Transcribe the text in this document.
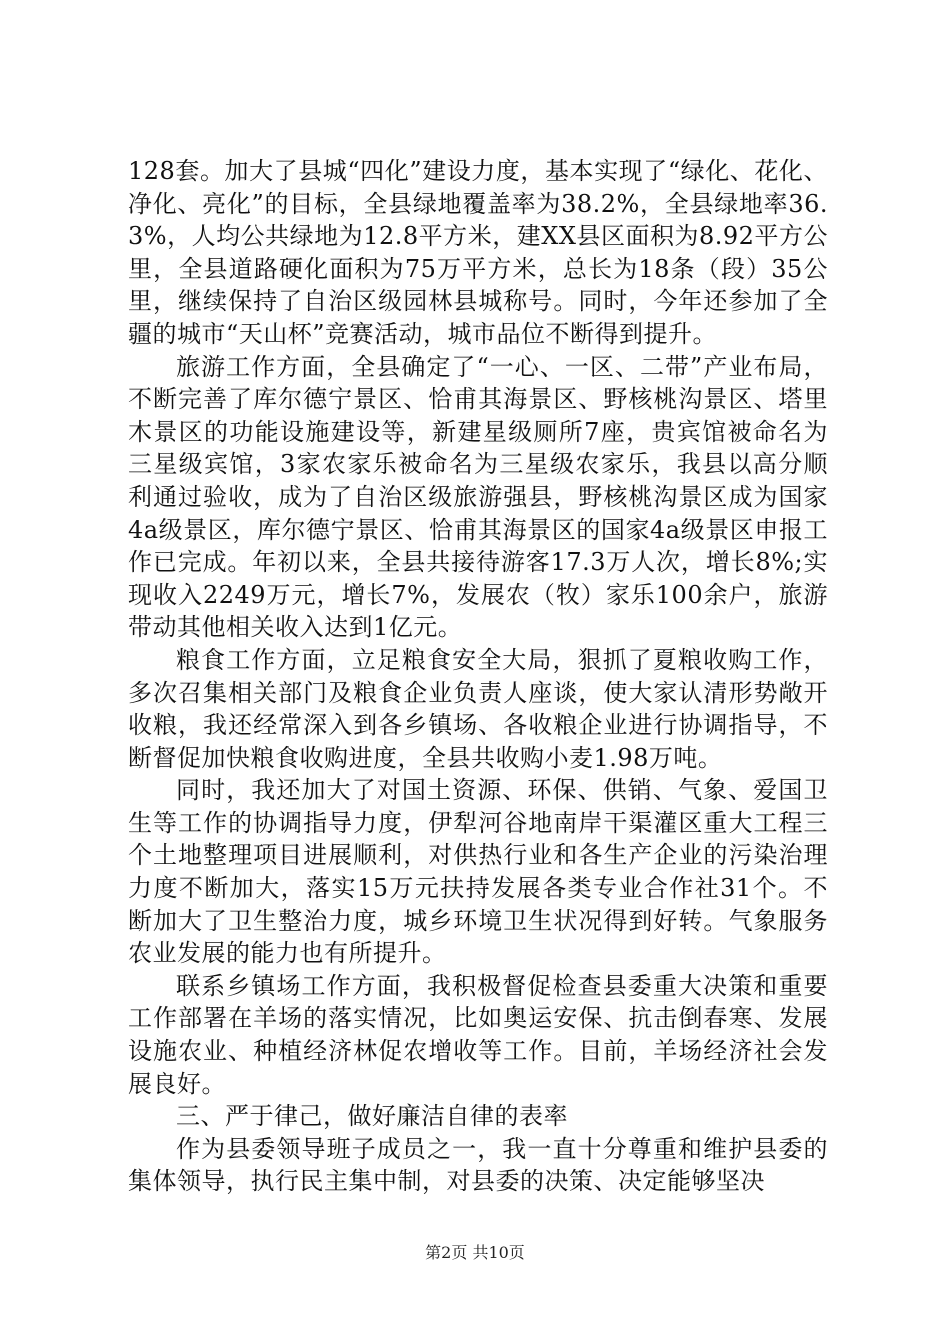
128套。加大了县城“四化”建设力度，基本实现了“绿化、花化、净化、亮化”的目标，全县绿地覆盖率为38.2%，全县绿地率36.3%，人均公共绿地为12.8平方米，建XX县区面积为8.92平方公里，全县道路硬化面积为75万平方米，总长为18条（段）35公里，继续保持了自治区级园林县城称号。同时，今年还参加了全疆的城市“天山杯”竞赛活动，城市品位不断得到提升。

旅游工作方面，全县确定了“一心、一区、二带”产业布局，不断完善了库尔德宁景区、恰甫其海景区、野核桃沟景区、塔里木景区的功能设施建设等，新建星级厕所7座，贵宾馆被命名为三星级宾馆，3家农家乐被命名为三星级农家乐，我县以高分顺利通过验收，成为了自治区级旅游强县，野核桃沟景区成为国家4a级景区，库尔德宁景区、恰甫其海景区的国家4a级景区申报工作已完成。年初以来，全县共接待游客17.3万人次，增长8%;实现收入2249万元，增长7%，发展农（牧）家乐100余户，旅游带动其他相关收入达到1亿元。

粮食工作方面，立足粮食安全大局，狠抓了夏粮收购工作，多次召集相关部门及粮食企业负责人座谈，使大家认清形势敞开收粮，我还经常深入到各乡镇场、各收粮企业进行协调指导，不断督促加快粮食收购进度，全县共收购小麦1.98万吨。

同时，我还加大了对国土资源、环保、供销、气象、爱国卫生等工作的协调指导力度，伊犁河谷地南岸干渠灌区重大工程三个土地整理项目进展顺利，对供热行业和各生产企业的污染治理力度不断加大，落实15万元扶持发展各类专业合作社31个。不断加大了卫生整治力度，城乡环境卫生状况得到好转。气象服务农业发展的能力也有所提升。

联系乡镇场工作方面，我积极督促检查县委重大决策和重要工作部署在羊场的落实情况，比如奥运安保、抗击倒春寒、发展设施农业、种植经济林促农增收等工作。目前，羊场经济社会发展良好。

三、严于律己，做好廉洁自律的表率

作为县委领导班子成员之一，我一直十分尊重和维护县委的集体领导，执行民主集中制，对县委的决策、决定能够坚决

第2页 共10页
